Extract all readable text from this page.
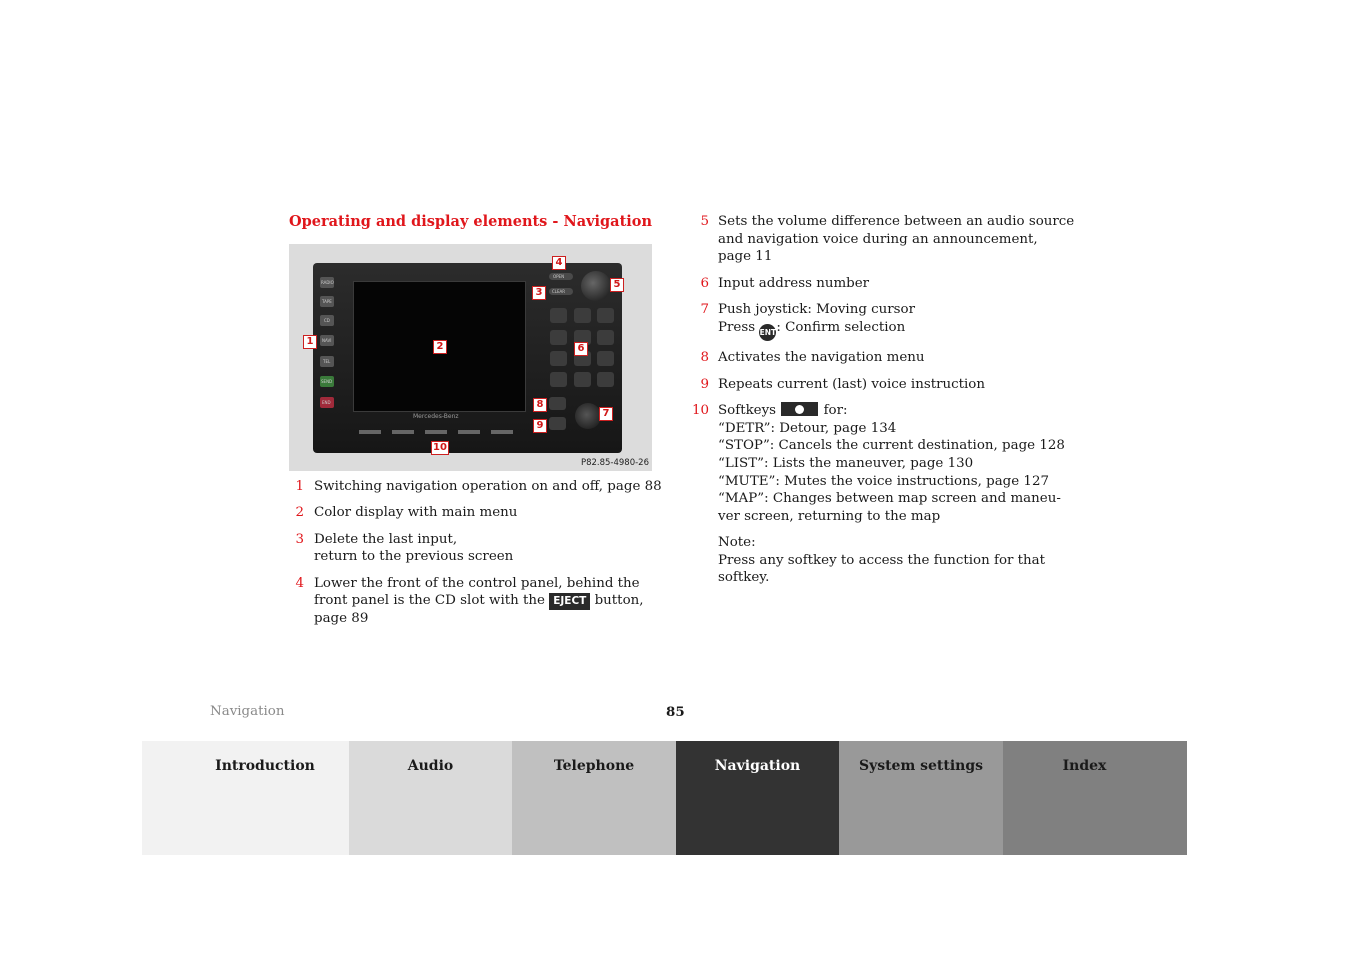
Operating and display elements - Navigation
RADIO
TAPE
CD
NAVI
TEL
SEND
END
OPEN
CLEAR
Mercedes-Benz
1	2
3
4
5
6
7
8
9
10
P82.85-4980-26
1 Switching navigation operation on and off, page 88
2 Color display with main menu
3 Delete the last input,
return to the previous screen
4 Lower the front of the control panel, behind the
front panel is the CD slot with the EJECT button,
page 89
5 Sets the volume difference between an audio source
and navigation voice during an announcement,
page 11
6 Input address number
7 Push joystick: Moving cursor
Press ENT: Confirm selection
8 Activates the navigation menu
9 Repeats current (last) voice instruction
10 Softkeys	for:
“DETR”: Detour, page 134
“STOP”: Cancels the current destination, page 128
“LIST”: Lists the maneuver, page 130
“MUTE”: Mutes the voice instructions, page 127
“MAP”: Changes between map screen and maneu-
ver screen, returning to the map
Note:
Press any softkey to access the function for that
softkey.
Navigation	85
Introduction	Audio	Telephone	Navigation	System settings	Index
